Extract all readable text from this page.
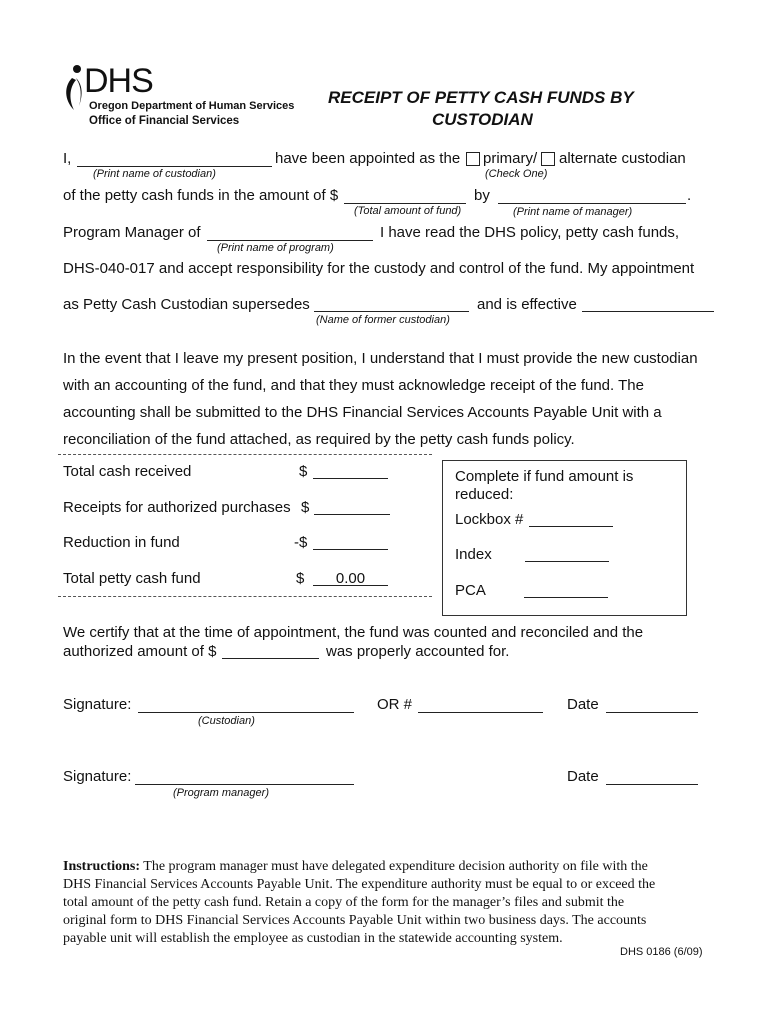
DHS
Oregon Department of Human Services
Office of Financial Services
RECEIPT OF PETTY CASH FUNDS BY
CUSTODIAN
I,	have been appointed as the primary/ alternate custodian
(Print name of custodian)	(Check One)
of the petty cash funds in the amount of $	by	.
(Total amount of fund)	(Print name of manager)
Program Manager of	I have read the DHS policy, petty cash funds,
(Print name of program)
DHS-040-017 and accept responsibility for the custody and control of the fund. My appointment
as Petty Cash Custodian supersedes	and is effective
(Name of former custodian)
In the event that I leave my present position, I understand that I must provide the new custodian
with an accounting of the fund, and that they must acknowledge receipt of the fund. The
accounting shall be submitted to the DHS Financial Services Accounts Payable Unit with a
reconciliation of the fund attached, as required by the petty cash funds policy.
Total cash received	$
Receipts for authorized purchases $
Reduction in fund	-$
Total petty cash fund	$	0.00
Complete if fund amount is
reduced:
Lockbox #
Index
PCA
We certify that at the time of appointment, the fund was counted and reconciled and the
authorized amount of $	was properly accounted for.
Signature:
(Custodian)
OR #	Date
Signature:
(Program manager)
Date
Instructions: The program manager must have delegated expenditure decision authority on file with the
DHS Financial Services Accounts Payable Unit. The expenditure authority must be equal to or exceed the
total amount of the petty cash fund. Retain a copy of the form for the manager’s files and submit the
original form to DHS Financial Services Accounts Payable Unit within two business days. The accounts
payable unit will establish the employee as custodian in the statewide accounting system.
DHS 0186 (6/09)
